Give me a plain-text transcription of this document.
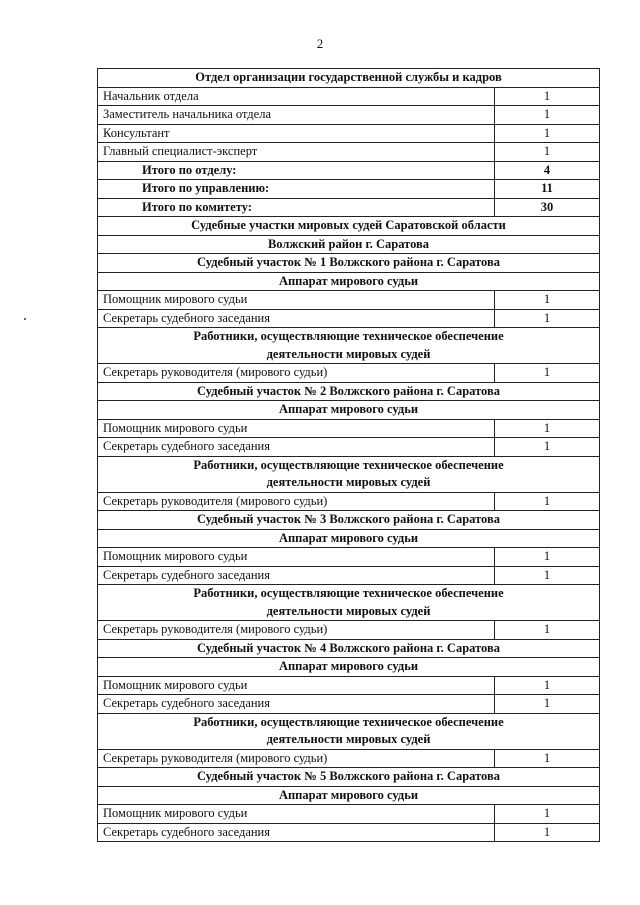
2
Отдел организации государственной службы и кадров	
Начальник отдела	1
Заместитель начальника отдела	1
Консультант	1
Главный специалист-эксперт	1
Итого по отделу:	4
Итого по управлению:	11
Итого по комитету:	30
Судебные участки мировых судей Саратовской области	
Волжский район г. Саратова	
Судебный участок № 1 Волжского района г. Саратова	
Аппарат мирового судьи	
Помощник мирового судьи	1
Секретарь судебного заседания	1
Работники, осуществляющие техническое обеспечение деятельности мировых судей	
Секретарь руководителя (мирового судьи)	1
Судебный участок № 2 Волжского района г. Саратова	
Аппарат мирового судьи	
Помощник мирового судьи	1
Секретарь судебного заседания	1
Работники, осуществляющие техническое обеспечение деятельности мировых судей	
Секретарь руководителя (мирового судьи)	1
Судебный участок № 3 Волжского района г. Саратова	
Аппарат мирового судьи	
Помощник мирового судьи	1
Секретарь судебного заседания	1
Работники, осуществляющие техническое обеспечение деятельности мировых судей	
Секретарь руководителя (мирового судьи)	1
Судебный участок № 4 Волжского района г. Саратова	
Аппарат мирового судьи	
Помощник мирового судьи	1
Секретарь судебного заседания	1
Работники, осуществляющие техническое обеспечение деятельности мировых судей	
Секретарь руководителя (мирового судьи)	1
Судебный участок № 5 Волжского района г. Саратова	
Аппарат мирового судьи	
Помощник мирового судьи	1
Секретарь судебного заседания	1
